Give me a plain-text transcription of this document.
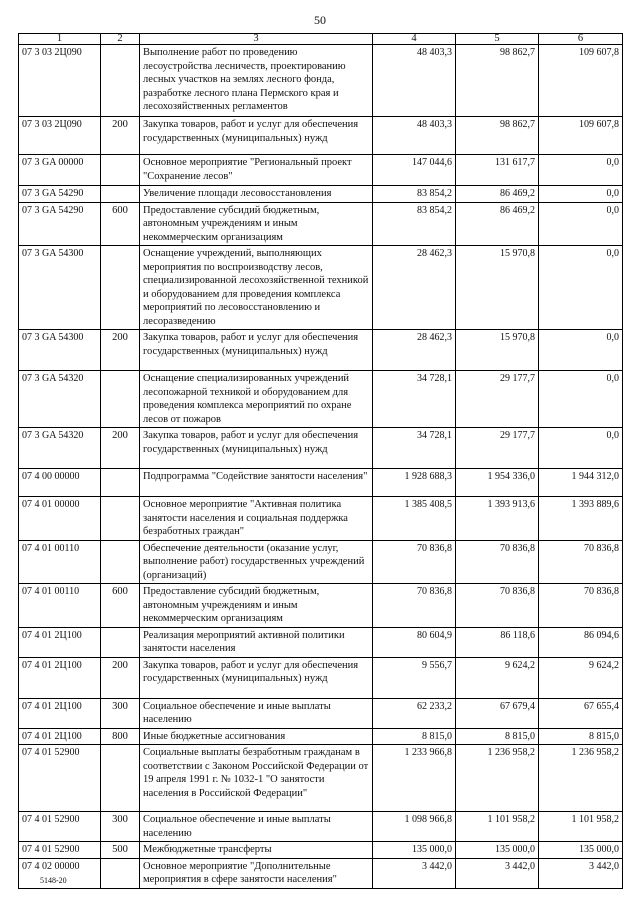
50
1	2	3	4	5	6
07 3 03 2Ц090		Выполнение работ по проведению лесоустройства лесничеств, проектированию лесных участков на землях лесного фонда, разработке лесного плана Пермского края и лесохозяйственных регламентов	48 403,3	98 862,7	109 607,8
07 3 03 2Ц090	200	Закупка товаров, работ и услуг для обеспечения государственных (муниципальных) нужд	48 403,3	98 862,7	109 607,8
07 3 GA 00000		Основное мероприятие "Региональный проект "Сохранение лесов"	147 044,6	131 617,7	0,0
07 3 GA 54290		Увеличение площади лесовосстановления	83 854,2	86 469,2	0,0
07 3 GA 54290	600	Предоставление субсидий бюджетным, автономным учреждениям и иным некоммерческим организациям	83 854,2	86 469,2	0,0
07 3 GA 54300		Оснащение учреждений, выполняющих мероприятия по воспроизводству лесов, специализированной лесохозяйственной техникой и оборудованием для проведения комплекса мероприятий по лесовосстановлению и лесоразведению	28 462,3	15 970,8	0,0
07 3 GA 54300	200	Закупка товаров, работ и услуг для обеспечения государственных (муниципальных) нужд	28 462,3	15 970,8	0,0
07 3 GA 54320		Оснащение специализированных учреждений лесопожарной техникой и оборудованием для проведения комплекса мероприятий по охране лесов от пожаров	34 728,1	29 177,7	0,0
07 3 GA 54320	200	Закупка товаров, работ и услуг для обеспечения государственных (муниципальных) нужд	34 728,1	29 177,7	0,0
07 4 00 00000		Подпрограмма "Содействие занятости населения"	1 928 688,3	1 954 336,0	1 944 312,0
07 4 01 00000		Основное мероприятие "Активная политика занятости населения и социальная поддержка безработных граждан"	1 385 408,5	1 393 913,6	1 393 889,6
07 4 01 00110		Обеспечение деятельности (оказание услуг, выполнение работ) государственных учреждений (организаций)	70 836,8	70 836,8	70 836,8
07 4 01 00110	600	Предоставление субсидий бюджетным, автономным учреждениям и иным некоммерческим организациям	70 836,8	70 836,8	70 836,8
07 4 01 2Ц100		Реализация мероприятий активной политики занятости населения	80 604,9	86 118,6	86 094,6
07 4 01 2Ц100	200	Закупка товаров, работ и услуг для обеспечения государственных (муниципальных) нужд	9 556,7	9 624,2	9 624,2
07 4 01 2Ц100	300	Социальное обеспечение и иные выплаты населению	62 233,2	67 679,4	67 655,4
07 4 01 2Ц100	800	Иные бюджетные ассигнования	8 815,0	8 815,0	8 815,0
07 4 01 52900		Социальные выплаты безработным гражданам в соответствии с Законом Российской Федерации от 19 апреля 1991 г. № 1032-1 "О занятости населения в Российской Федерации"	1 233 966,8	1 236 958,2	1 236 958,2
07 4 01 52900	300	Социальное обеспечение и иные выплаты населению	1 098 966,8	1 101 958,2	1 101 958,2
07 4 01 52900	500	Межбюджетные трансферты	135 000,0	135 000,0	135 000,0
07 4 02 00000		Основное мероприятие "Дополнительные мероприятия в сфере занятости населения"	3 442,0	3 442,0	3 442,0
5148-20
